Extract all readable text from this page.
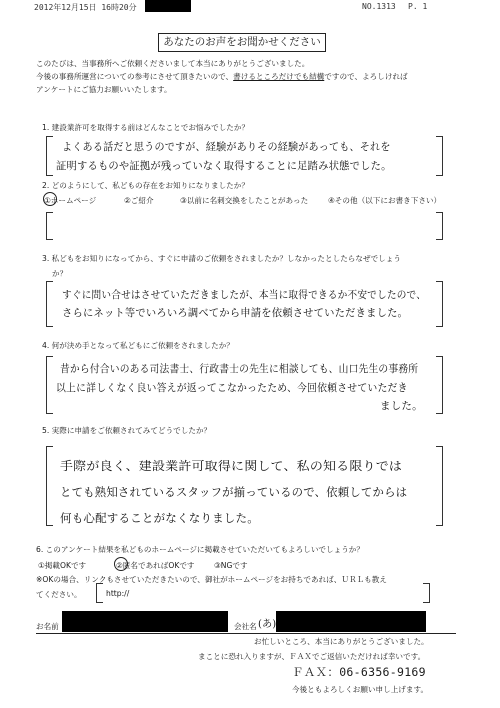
2012年12月15日 16時20分	NO.1313 P. 1
あなたのお声をお聞かせください
このたびは、当事務所へご依頼くださいまして本当にありがとうございました。
今後の事務所運営についての参考にさせて頂きたいので、書けるところだけでも結構ですので、よろしければ
アンケートにご協力お願いいたします。
1. 建設業許可を取得する前はどんなことでお悩みでしたか？
よくある話だと思うのですが、経験がありその経験があっても、それを
証明するものや証拠が残っていなく取得することに足踏み状態でした。
2. どのようにして、私どもの存在をお知りになりましたか？
①ホームページ	②ご紹介	③以前に名刺交換をしたことがあった	④その他（以下にお書き下さい）
3. 私どもをお知りになってから、すぐに申請のご依頼をされましたか？しなかったとしたらなぜでしょう
か？
すぐに問い合せはさせていただきましたが、本当に取得できるか不安でしたので、
さらにネット等でいろいろ調べてから申請を依頼させていただきました。
4. 何が決め手となって私どもにご依頼をされましたか？
昔から付合いのある司法書士、行政書士の先生に相談しても、山口先生の事務所
以上に詳しくなく良い答えが返ってこなかったため、今回依頼させていただき
ました。
5. 実際に申請をご依頼されてみてどうでしたか？
手際が良く、建設業許可取得に関して、私の知る限りでは
とても熟知されているスタッフが揃っているので、依頼してからは
何も心配することがなくなりました。
6. このアンケート結果を私どものホームページに掲載させていただいてもよろしいでしょうか？
①掲載OKです	②匿名であればOKです	③NGです
※OKの場合、リンクもさせていただきたいので、御社がホームページをお持ちであれば、ＵＲＬも教え
てください。	http://
お名前	会社名 (あ)
お忙しいところ、本当にありがとうございました。
まことに恐れ入りますが、ＦＡＸでご返信いただければ幸いです。
ＦＡＸ：06-6356-9169
今後ともよろしくお願い申し上げます。
